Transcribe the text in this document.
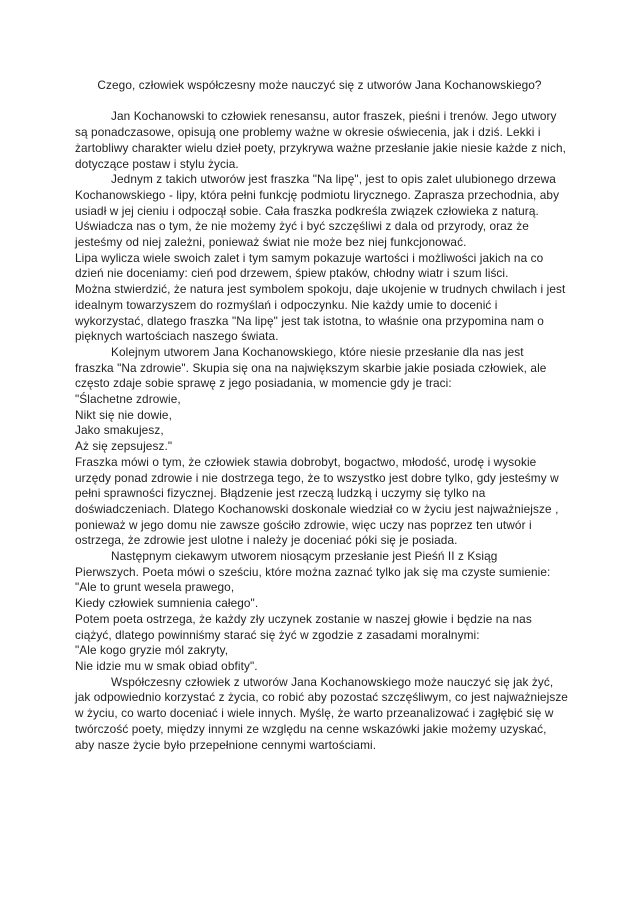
Czego, człowiek współczesny może nauczyć się z utworów Jana Kochanowskiego?
Jan Kochanowski to człowiek renesansu, autor fraszek, pieśni i trenów. Jego utwory
są ponadczasowe, opisują one problemy ważne w okresie oświecenia, jak i dziś. Lekki i
żartobliwy charakter wielu dzieł poety, przykrywa ważne przesłanie jakie niesie każde z nich,
dotyczące postaw i stylu życia.
Jednym z takich utworów jest fraszka "Na lipę", jest to opis zalet ulubionego drzewa
Kochanowskiego - lipy, która pełni funkcję podmiotu lirycznego. Zaprasza przechodnia, aby
usiadł w jej cieniu i odpoczął sobie. Cała fraszka podkreśla związek człowieka z naturą.
Uświadcza nas o tym, że nie możemy żyć i być szczęśliwi z dala od przyrody, oraz że
jesteśmy od niej zależni, ponieważ świat nie może bez niej funkcjonować.
Lipa wylicza wiele swoich zalet i tym samym pokazuje wartości i możliwości jakich na co
dzień nie doceniamy: cień pod drzewem, śpiew ptaków, chłodny wiatr i szum liści.
Można stwierdzić, że natura jest symbolem spokoju, daje ukojenie w trudnych chwilach i jest
idealnym towarzyszem do rozmyślań i odpoczynku. Nie każdy umie to docenić i
wykorzystać, dlatego fraszka "Na lipę" jest tak istotna, to właśnie ona przypomina nam o
pięknych wartościach naszego świata.
Kolejnym utworem Jana Kochanowskiego, które niesie przesłanie dla nas jest
fraszka "Na zdrowie". Skupia się ona na największym skarbie jakie posiada człowiek, ale
często zdaje sobie sprawę z jego posiadania, w momencie gdy je traci:
"Ślachetne zdrowie,
Nikt się nie dowie,
Jako smakujesz,
Aż się zepsujesz."
Fraszka mówi o tym, że człowiek stawia dobrobyt, bogactwo, młodość, urodę i wysokie
urzędy ponad zdrowie i nie dostrzega tego, że to wszystko jest dobre tylko, gdy jesteśmy w
pełni sprawności fizycznej. Błądzenie jest rzeczą ludzką i uczymy się tylko na
doświadczeniach. Dlatego Kochanowski doskonale wiedział co w życiu jest najważniejsze ,
ponieważ w jego domu nie zawsze gościło zdrowie, więc uczy nas poprzez ten utwór i
ostrzega, że zdrowie jest ulotne i należy je doceniać póki się je posiada.
Następnym ciekawym utworem niosącym przesłanie jest Pieśń II z Ksiąg
Pierwszych. Poeta mówi o sześciu, które można zaznać tylko jak się ma czyste sumienie:
"Ale to grunt wesela prawego,
Kiedy człowiek sumnienia całego".
Potem poeta ostrzega, że każdy zły uczynek zostanie w naszej głowie i będzie na nas
ciążyć, dlatego powinniśmy starać się żyć w zgodzie z zasadami moralnymi:
"Ale kogo gryzie mól zakryty,
Nie idzie mu w smak obiad obfity".
Współczesny człowiek z utworów Jana Kochanowskiego może nauczyć się jak żyć,
jak odpowiednio korzystać z życia, co robić aby pozostać szczęśliwym, co jest najważniejsze
w życiu, co warto doceniać i wiele innych. Myślę, że warto przeanalizować i zagłębić się w
twórczość poety, między innymi ze względu na cenne wskazówki jakie możemy uzyskać,
aby nasze życie było przepełnione cennymi wartościami.
